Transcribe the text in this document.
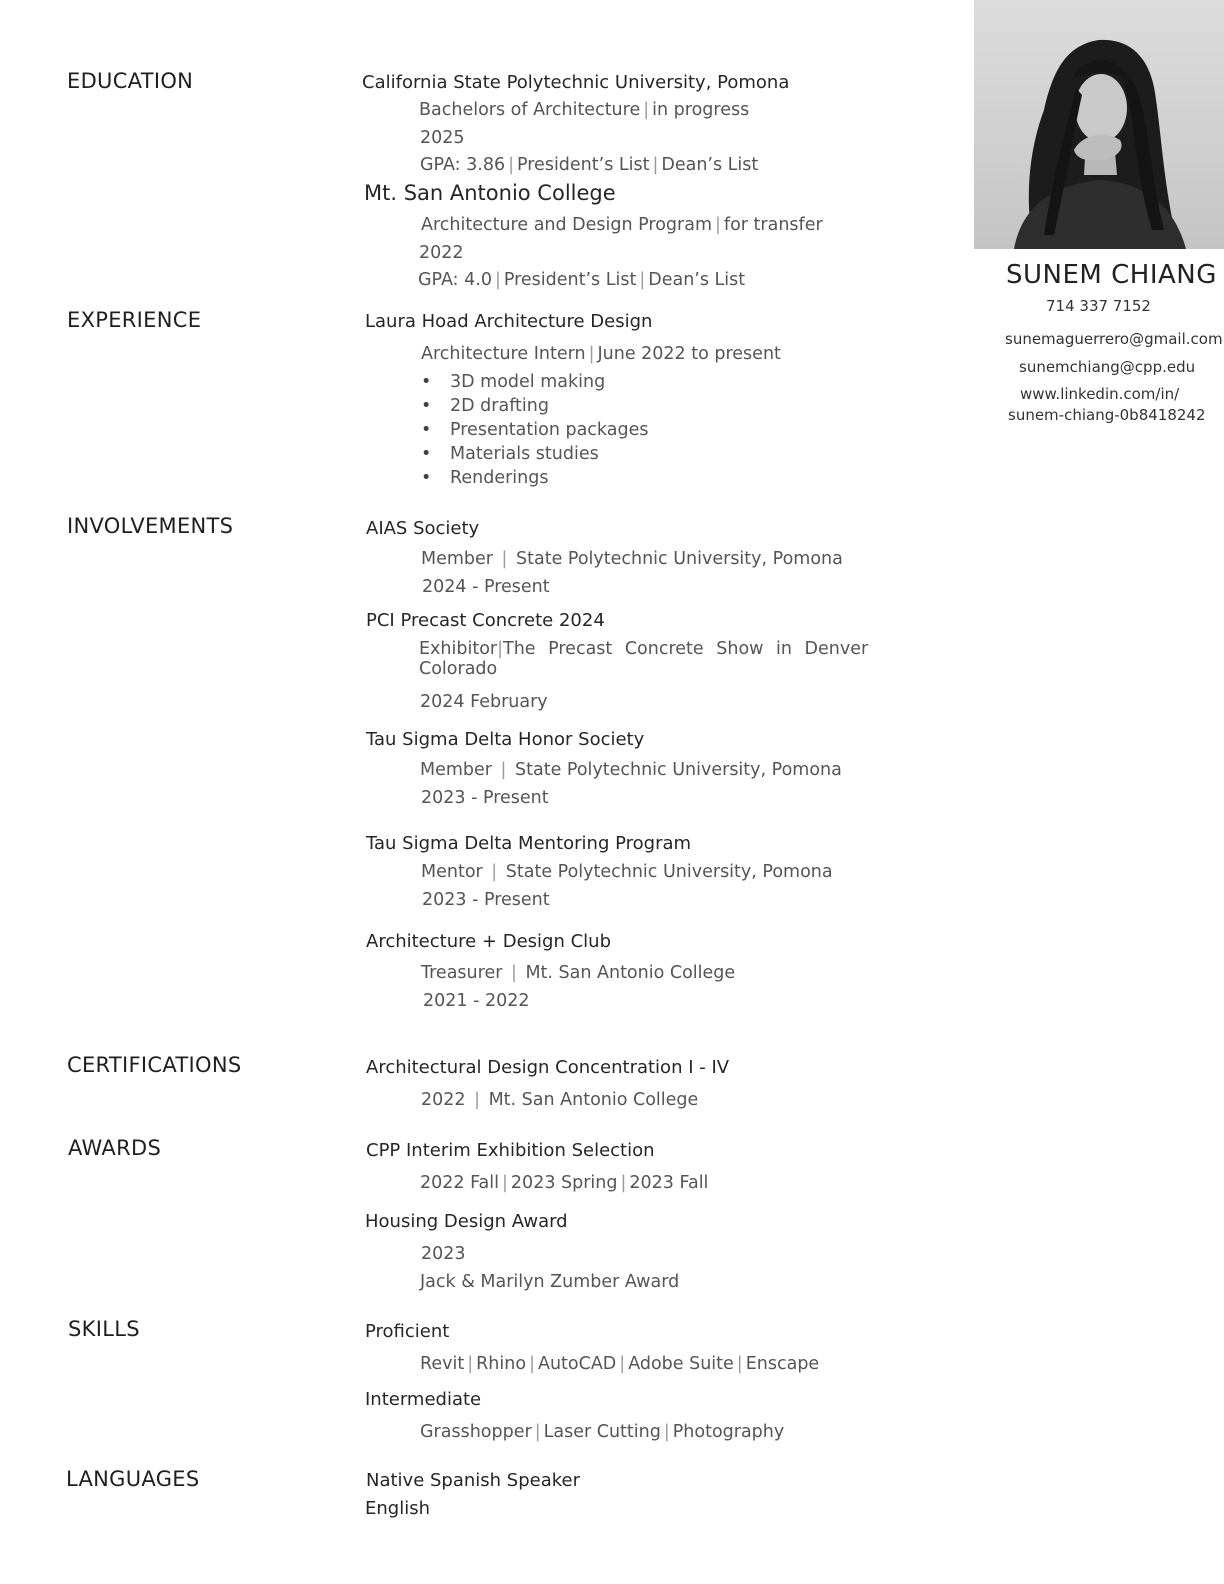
EDUCATION
EXPERIENCE
INVOLVEMENTS
CERTIFICATIONS
AWARDS
SKILLS
LANGUAGES
California State Polytechnic University, Pomona
Bachelors of Architecture | in progress
2025
GPA: 3.86 | President’s List | Dean’s List
Mt. San Antonio College
Architecture and Design Program | for transfer
2022
GPA: 4.0 | President’s List | Dean’s List
Laura Hoad Architecture Design
Architecture Intern | June 2022 to present
• 3D model making
• 2D drafting
• Presentation packages
• Materials studies
• Renderings
AIAS Society
Member | State Polytechnic University, Pomona
2024 - Present
PCI Precast Concrete 2024
Exhibitor | The Precast Concrete Show in Denver
Colorado
2024 February
Tau Sigma Delta Honor Society
Member | State Polytechnic University, Pomona
2023 - Present
Tau Sigma Delta Mentoring Program
Mentor | State Polytechnic University, Pomona
2023 - Present
Architecture + Design Club
Treasurer | Mt. San Antonio College
2021 - 2022
Architectural Design Concentration I - IV
2022 | Mt. San Antonio College
CPP Interim Exhibition Selection
2022 Fall | 2023 Spring | 2023 Fall
Housing Design Award
2023
Jack & Marilyn Zumber Award
Proficient
Revit | Rhino | AutoCAD | Adobe Suite | Enscape
Intermediate
Grasshopper | Laser Cutting | Photography
Native Spanish Speaker
English
SUNEM CHIANG
714 337 7152
sunemaguerrero@gmail.com
sunemchiang@cpp.edu
www.linkedin.com/in/
sunem-chiang-0b8418242
